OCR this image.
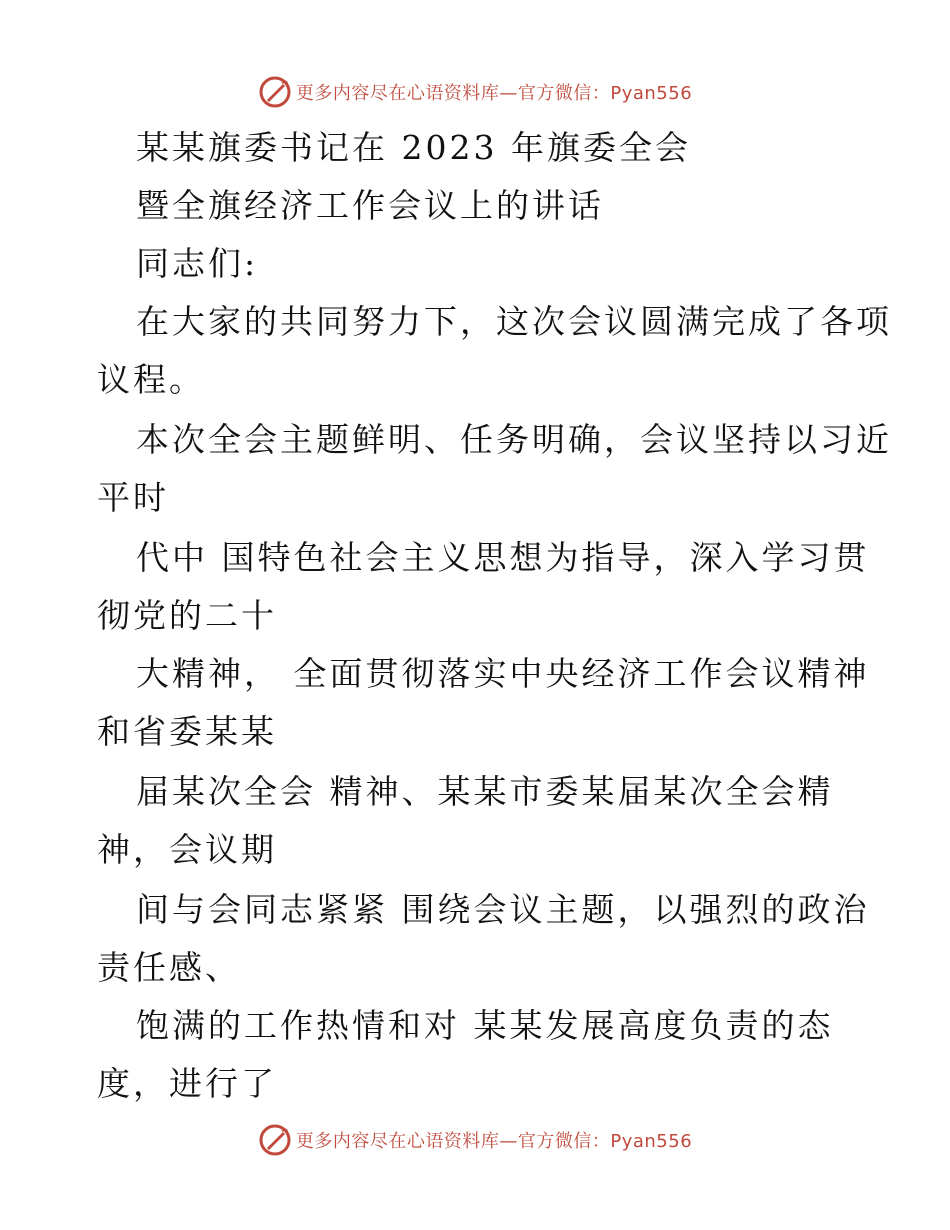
更多内容尽在心语资料库—官方微信：Pyan556
某某旗委书记在 2023 年旗委全会
暨全旗经济工作会议上的讲话
同志们:
在大家的共同努力下，这次会议圆满完成了各项
议程。
本次全会主题鲜明、任务明确，会议坚持以习近
平时
代中 国特色社会主义思想为指导，深入学习贯
彻党的二十
大精神， 全面贯彻落实中央经济工作会议精神
和省委某某
届某次全会 精神、某某市委某届某次全会精
神，会议期
间与会同志紧紧 围绕会议主题，以强烈的政治
责任感、
饱满的工作热情和对 某某发展高度负责的态
度，进行了
更多内容尽在心语资料库—官方微信：Pyan556
